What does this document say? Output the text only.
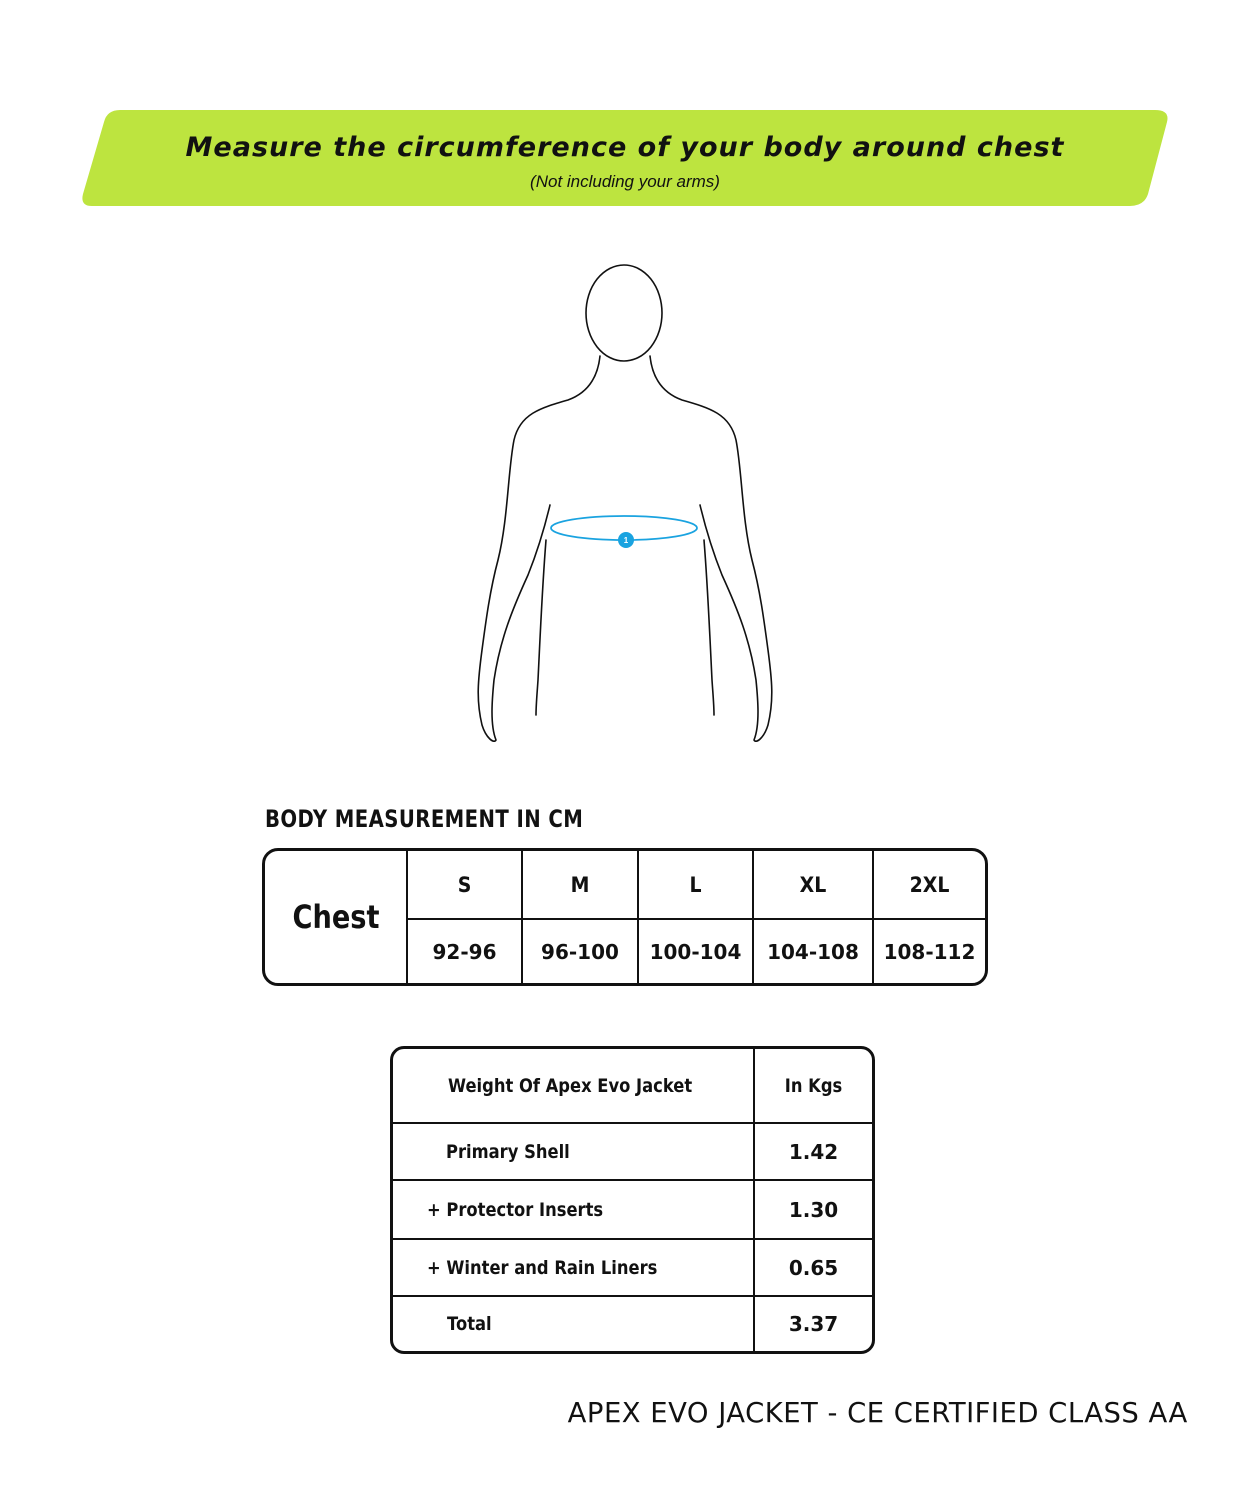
Measure the circumference of your body around chest
(Not including your arms)
1
BODY MEASUREMENT IN CM
Chest
S	M	L	XL	2XL
92-96	96-100	100-104	104-108	108-112
Weight Of Apex Evo Jacket	In Kgs
Primary Shell	1.42
+ Protector Inserts	1.30
+ Winter and Rain Liners	0.65
Total	3.37
APEX EVO JACKET - CE CERTIFIED CLASS AA
